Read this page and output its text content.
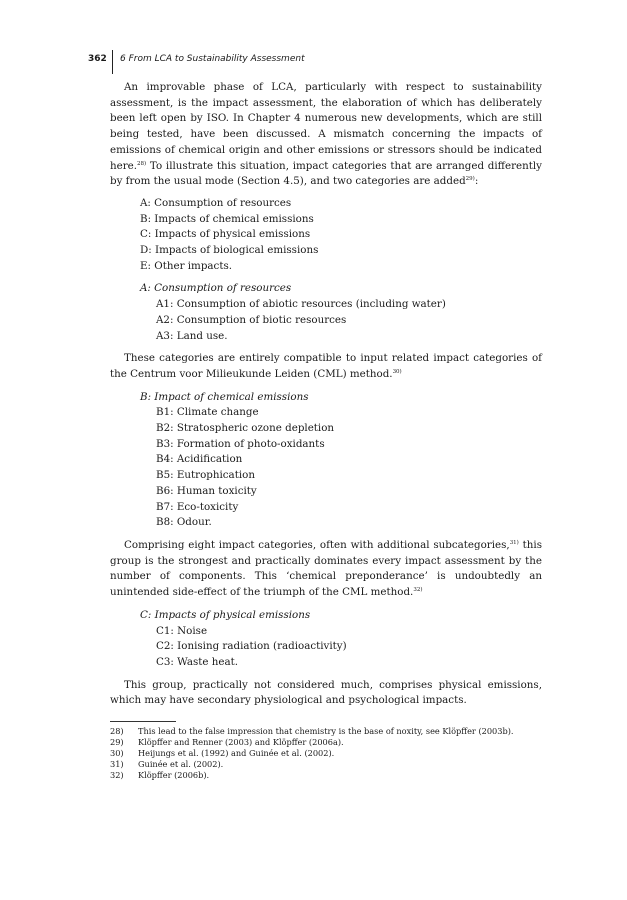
362 6 From LCA to Sustainability Assessment

An improvable phase of LCA, particularly with respect to sustainability assessment, is the impact assessment, the elaboration of which has deliberately been left open by ISO. In Chapter 4 numerous new developments, which are still being tested, have been discussed. A mismatch concerning the impacts of emissions of chemical origin and other emissions or stressors should be indicated here.$^{28)}$ To illustrate this situation, impact categories that are arranged differently by from the usual mode (Section 4.5), and two categories are added$^{29)}$:

A: Consumption of resources
B: Impacts of chemical emissions
C: Impacts of physical emissions
D: Impacts of biological emissions
E: Other impacts.
A: Consumption of resources
A1: Consumption of abiotic resources (including water)
A2: Consumption of biotic resources
A3: Land use.

These categories are entirely compatible to input related impact categories of the Centrum voor Milieukunde Leiden (CML) method.$^{30)}$

B: Impact of chemical emissions
B1: Climate change
B2: Stratospheric ozone depletion
B3: Formation of photo-oxidants
B4: Acidification
B5: Eutrophication
B6: Human toxicity
B7: Eco-toxicity
B8: Odour.

Comprising eight impact categories, often with additional subcategories,$^{31)}$ this group is the strongest and practically dominates every impact assessment by the number of components. This ‘chemical preponderance’ is undoubtedly an unintended side-effect of the triumph of the CML method.$^{32)}$

C: Impacts of physical emissions
C1: Noise
C2: Ionising radiation (radioactivity)
C3: Waste heat.

This group, practically not considered much, comprises physical emissions, which may have secondary physiological and psychological impacts.

28) This lead to the false impression that chemistry is the base of noxity, see Klöpffer (2003b).
29) Klöpffer and Renner (2003) and Klöpffer (2006a).
30) Heijungs et al. (1992) and Guinée et al. (2002).
31) Guinée et al. (2002).
32) Klöpffer (2006b).
